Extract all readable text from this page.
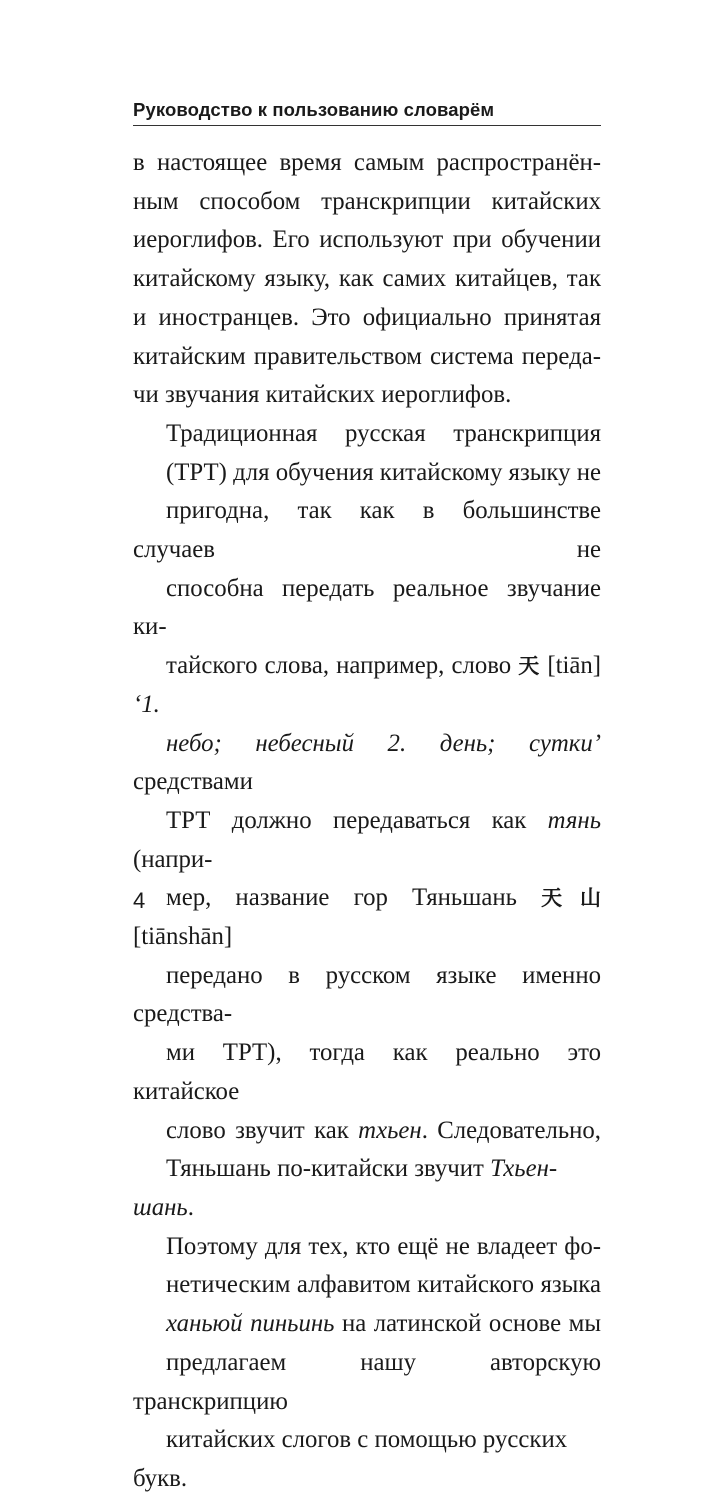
Руководство к пользованию словарём

в настоящее время самым распространён-
ным способом транскрипции китайских
иероглифов. Его используют при обучении
китайскому языку, как самих китайцев, так
и иностранцев. Это официально принятая
китайским правительством система переда-
чи звучания китайских иероглифов.

Традиционная русская транскрипция
(ТРТ) для обучения китайскому языку не
пригодна, так как в большинстве случаев не
способна передать реальное звучание ки-
тайского слова, например, слово 天 [tiān] ‘1.
небо; небесный 2. день; сутки’ средствами
ТРТ должно передаваться как тянь (напри-
мер, название гор Тяньшань 天山 [tiānshān]
передано в русском языке именно средства-
ми ТРТ), тогда как реально это китайское
слово звучит как тхьен. Следовательно,
Тяньшань по-китайски звучит Тхьен-шань.

Поэтому для тех, кто ещё не владеет фо-
нетическим алфавитом китайского языка
ханьюй пиньинь на латинской основе мы
предлагаем нашу авторскую транскрипцию
китайских слогов с помощью русских букв.

4
